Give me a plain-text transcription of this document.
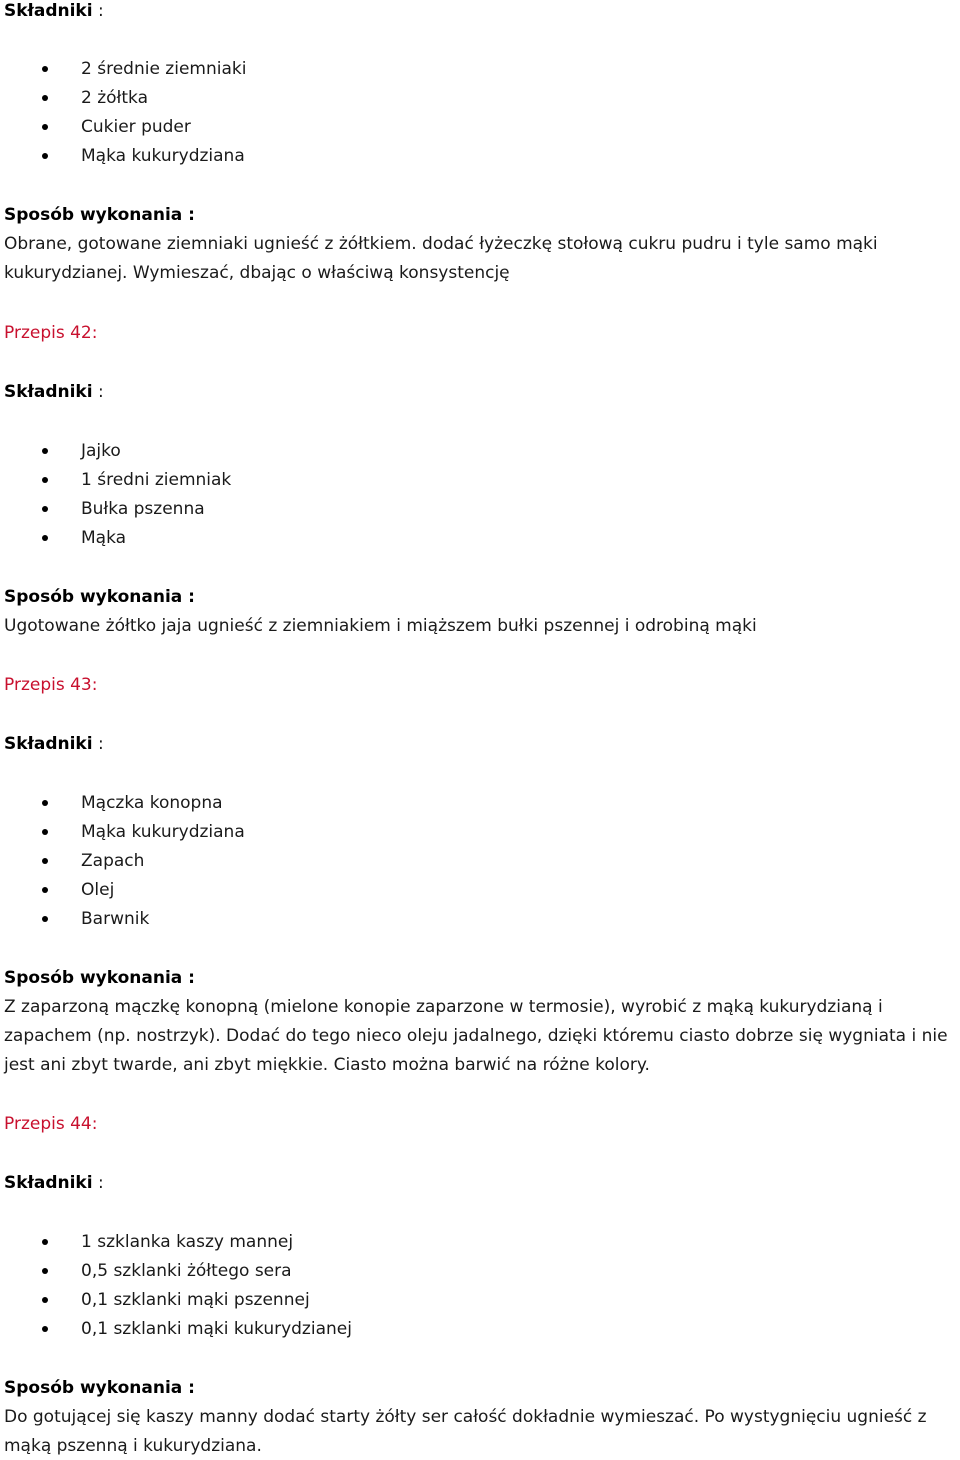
Składniki :
2 średnie ziemniaki
2 żółtka
Cukier puder
Mąka kukurydziana
Sposób wykonania :
Obrane, gotowane ziemniaki ugnieść z żółtkiem. dodać łyżeczkę stołową cukru pudru i tyle samo mąki
kukurydzianej. Wymieszać, dbając o właściwą konsystencję
Przepis 42:
Składniki :
Jajko
1 średni ziemniak
Bułka pszenna
Mąka
Sposób wykonania :
Ugotowane żółtko jaja ugnieść z ziemniakiem i miąższem bułki pszennej i odrobiną mąki
Przepis 43:
Składniki :
Mączka konopna
Mąka kukurydziana
Zapach
Olej
Barwnik
Sposób wykonania :
Z zaparzoną mączkę konopną (mielone konopie zaparzone w termosie), wyrobić z mąką kukurydzianą i
zapachem (np. nostrzyk). Dodać do tego nieco oleju jadalnego, dzięki któremu ciasto dobrze się wygniata i nie
jest ani zbyt twarde, ani zbyt miękkie. Ciasto można barwić na różne kolory.
Przepis 44:
Składniki :
1 szklanka kaszy mannej
0,5 szklanki żółtego sera
0,1 szklanki mąki pszennej
0,1 szklanki mąki kukurydzianej
Sposób wykonania :
Do gotującej się kaszy manny dodać starty żółty ser całość dokładnie wymieszać. Po wystygnięciu ugnieść z
mąką pszenną i kukurydziana.
